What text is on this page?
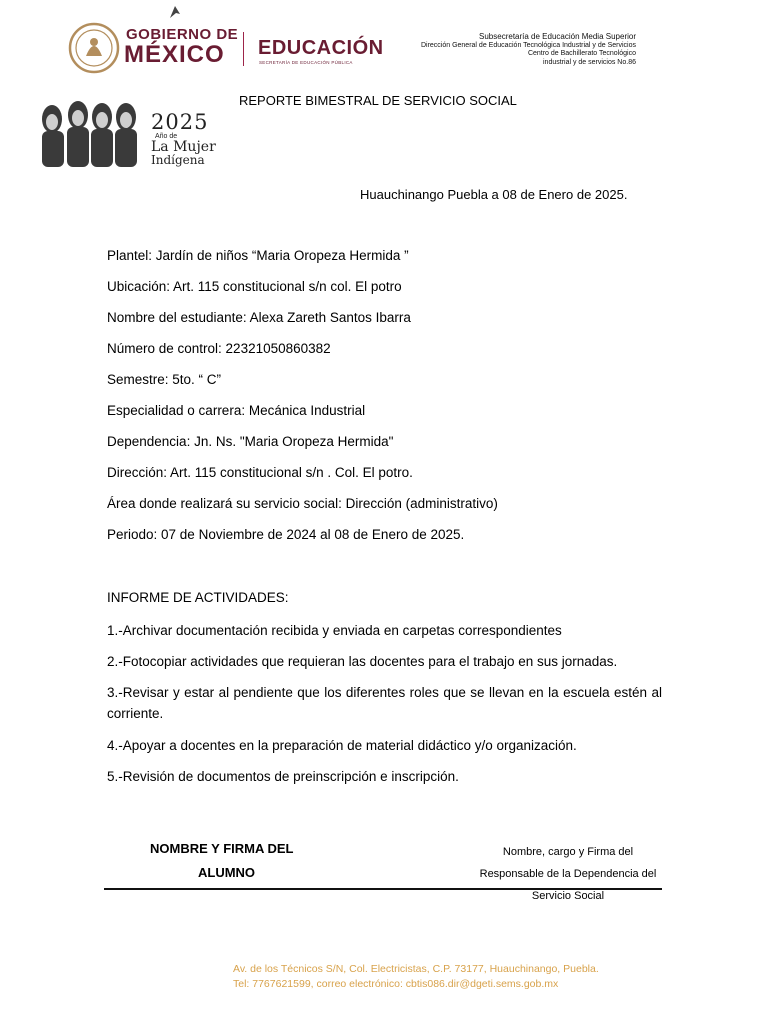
GOBIERNO DE
MÉXICO EDUCACIÓN
SECRETARÍA DE EDUCACIÓN PÚBLICA
Subsecretaría de Educación Media Superior
Dirección General de Educación Tecnológica Industrial y de Servicios
Centro de Bachillerato Tecnológico
industrial y de servicios No.86
2025
Año de
La Mujer
Indígena
REPORTE BIMESTRAL DE SERVICIO SOCIAL
Huauchinango Puebla a 08 de Enero de 2025.
Plantel: Jardín de niños “Maria Oropeza Hermida ”
Ubicación: Art. 115 constitucional s/n col. El potro
Nombre del estudiante: Alexa Zareth Santos Ibarra
Número de control: 22321050860382
Semestre: 5to. “ C”
Especialidad o carrera: Mecánica Industrial
Dependencia: Jn. Ns. "Maria Oropeza Hermida"
Dirección: Art. 115 constitucional s/n . Col. El potro.
Área donde realizará su servicio social: Dirección (administrativo)
Periodo: 07 de Noviembre de 2024 al 08 de Enero de 2025.
INFORME DE ACTIVIDADES:
1.-Archivar documentación recibida y enviada en carpetas correspondientes
2.-Fotocopiar actividades que requieran las docentes para el trabajo en sus jornadas.
3.-Revisar y estar al pendiente que los diferentes roles que se llevan en la escuela estén al corriente.
4.-Apoyar a docentes en la preparación de material didáctico y/o organización.
5.-Revisión de documentos de preinscripción e inscripción.
NOMBRE Y FIRMA DEL
ALUMNO
Nombre, cargo y Firma del
Responsable de la Dependencia del
Servicio Social
Av. de los Técnicos S/N, Col. Electricistas, C.P. 73177, Huauchinango, Puebla.
Tel: 7767621599, correo electrónico: cbtis086.dir@dgeti.sems.gob.mx
